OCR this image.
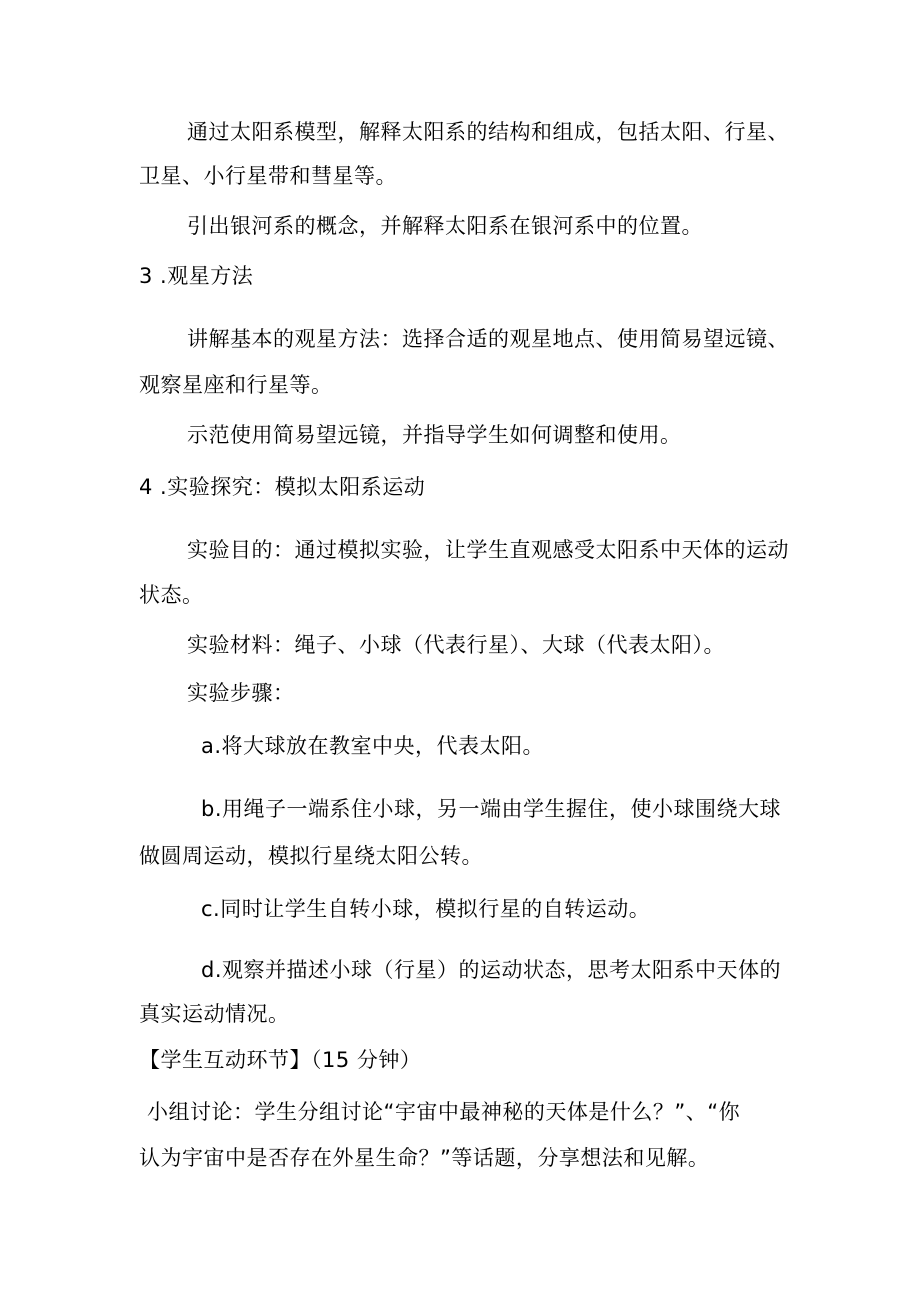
通过太阳系模型，解释太阳系的结构和组成，包括太阳、行星、
卫星、小行星带和彗星等。
引出银河系的概念，并解释太阳系在银河系中的位置。
3 .观星方法
讲解基本的观星方法：选择合适的观星地点、使用简易望远镜、
观察星座和行星等。
示范使用简易望远镜，并指导学生如何调整和使用。
4 .实验探究：模拟太阳系运动
实验目的：通过模拟实验，让学生直观感受太阳系中天体的运动
状态。
实验材料：绳子、小球（代表行星）、大球（代表太阳）。
实验步骤：
a.将大球放在教室中央，代表太阳。
b.用绳子一端系住小球，另一端由学生握住，使小球围绕大球
做圆周运动，模拟行星绕太阳公转。
c.同时让学生自转小球，模拟行星的自转运动。
d.观察并描述小球（行星）的运动状态，思考太阳系中天体的
真实运动情况。
【学生互动环节】（15 分钟）
小组讨论：学生分组讨论“宇宙中最神秘的天体是什么？”、“你
认为宇宙中是否存在外星生命？”等话题，分享想法和见解。
